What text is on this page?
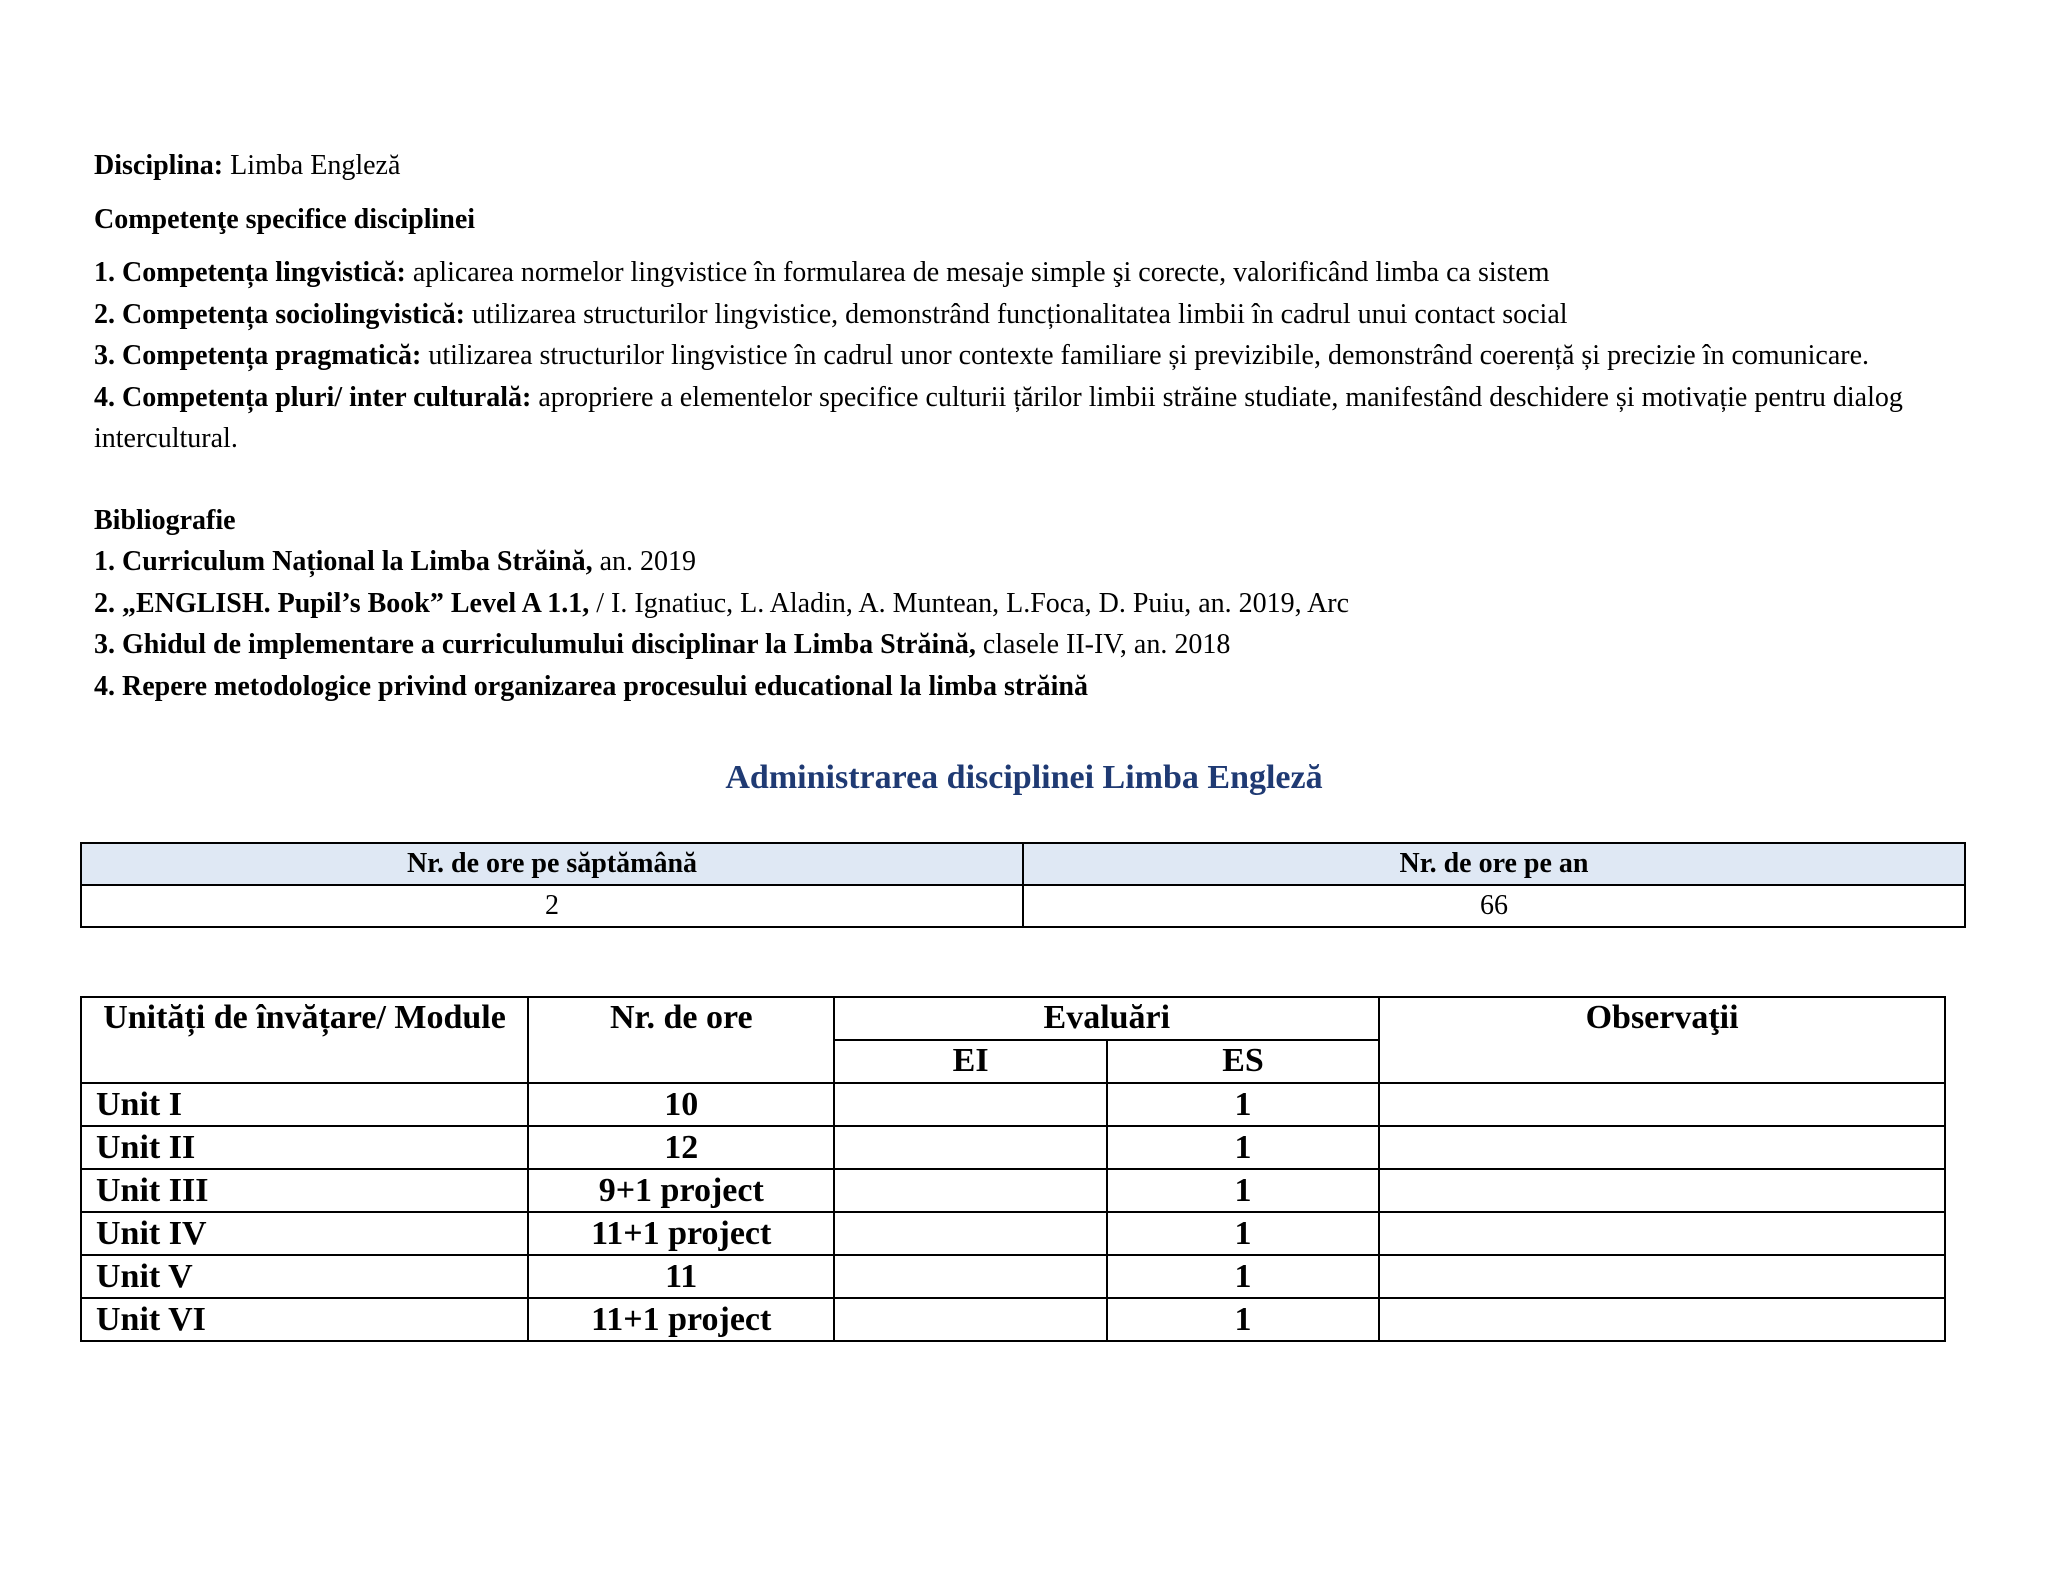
Disciplina: Limba Engleză
Competenţe specifice disciplinei
1. Competența lingvistică: aplicarea normelor lingvistice în formularea de mesaje simple şi corecte, valorificând limba ca sistem
2. Competența sociolingvistică: utilizarea structurilor lingvistice, demonstrând funcționalitatea limbii în cadrul unui contact social
3. Competența pragmatică: utilizarea structurilor lingvistice în cadrul unor contexte familiare și previzibile, demonstrând coerență și precizie în comunicare.
4. Competența pluri/ inter culturală: apropriere a elementelor specifice culturii țărilor limbii străine studiate, manifestând deschidere și motivație pentru dialog intercultural.
Bibliografie
1. Curriculum Național la Limba Străină, an. 2019
2. „ENGLISH. Pupil’s Book” Level A 1.1, / I. Ignatiuc, L. Aladin, A. Muntean, L.Foca, D. Puiu, an. 2019, Arc
3. Ghidul de implementare a curriculumului disciplinar la Limba Străină, clasele II-IV, an. 2018
4. Repere metodologice privind organizarea procesului educational la limba străină
Administrarea disciplinei Limba Engleză
Nr. de ore pe săptămână	Nr. de ore pe an
2	66
Unități de învățare/ Module	Nr. de ore	Evaluări		Observaţii
		EI	ES	
Unit I	10		1	
Unit II	12		1	
Unit III	9+1 project		1	
Unit IV	11+1 project		1	
Unit V	11		1	
Unit VI	11+1 project		1	
